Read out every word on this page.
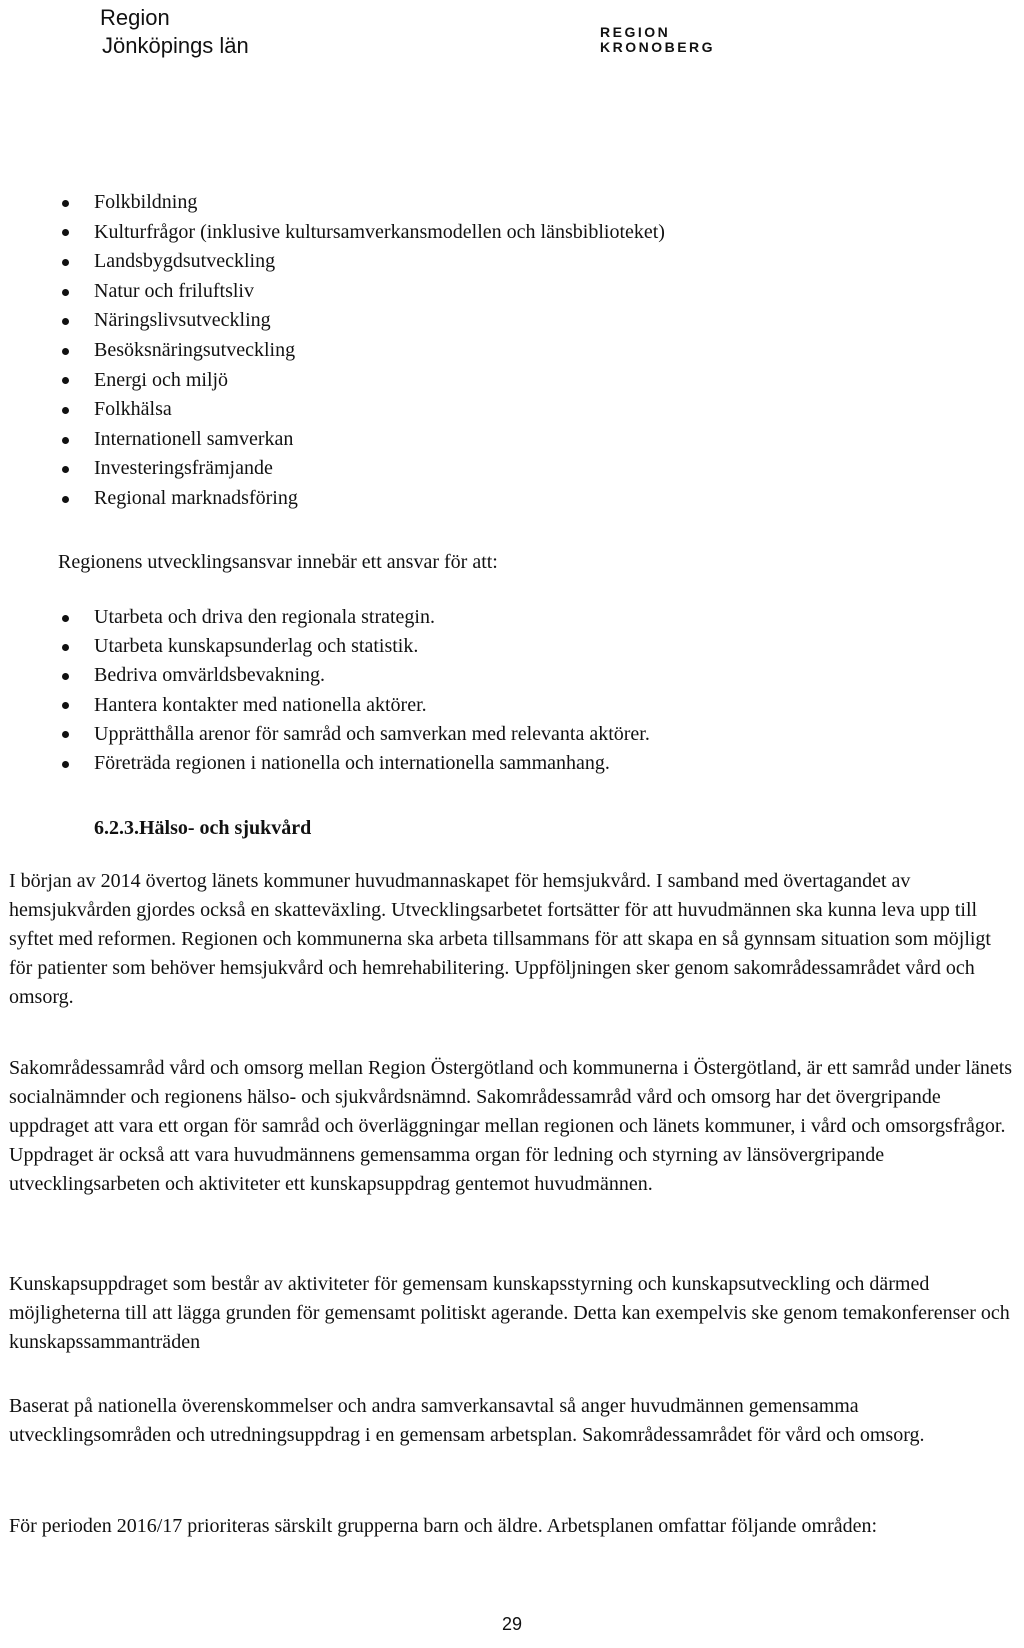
Region
Jönköpings län
REGION
KRONOBERG
Folkbildning
Kulturfrågor (inklusive kultursamverkansmodellen och länsbiblioteket)
Landsbygdsutveckling
Natur och friluftsliv
Näringslivsutveckling
Besöksnäringsutveckling
Energi och miljö
Folkhälsa
Internationell samverkan
Investeringsfrämjande
Regional marknadsföring
Regionens utvecklingsansvar innebär ett ansvar för att:
Utarbeta och driva den regionala strategin.
Utarbeta kunskapsunderlag och statistik.
Bedriva omvärldsbevakning.
Hantera kontakter med nationella aktörer.
Upprätthålla arenor för samråd och samverkan med relevanta aktörer.
Företräda regionen i nationella och internationella sammanhang.
6.2.3.Hälso- och sjukvård

I början av 2014 övertog länets kommuner huvudmannaskapet för hemsjukvård. I samband med övertagandet av hemsjukvården gjordes också en skatteväxling. Utvecklingsarbetet fortsätter för att huvudmännen ska kunna leva upp till syftet med reformen. Regionen och kommunerna ska arbeta tillsammans för att skapa en så gynnsam situation som möjligt för patienter som behöver hemsjukvård och hemrehabilitering. Uppföljningen sker genom sakområdessamrådet vård och omsorg.

Sakområdessamråd vård och omsorg mellan Region Östergötland och kommunerna i Östergötland, är ett samråd under länets socialnämnder och regionens hälso- och sjukvårdsnämnd. Sakområdessamråd vård och omsorg har det övergripande uppdraget att vara ett organ för samråd och överläggningar mellan regionen och länets kommuner, i vård och omsorgsfrågor. Uppdraget är också att vara huvudmännens gemensamma organ för ledning och styrning av länsövergripande utvecklingsarbeten och aktiviteter ett kunskapsuppdrag gentemot huvudmännen.

Kunskapsuppdraget som består av aktiviteter för gemensam kunskapsstyrning och kunskapsutveckling och därmed möjligheterna till att lägga grunden för gemensamt politiskt agerande. Detta kan exempelvis ske genom temakonferenser och kunskapssammanträden

Baserat på nationella överenskommelser och andra samverkansavtal så anger huvudmännen gemensamma utvecklingsområden och utredningsuppdrag i en gemensam arbetsplan. Sakområdessamrådet för vård och omsorg.

För perioden 2016/17 prioriteras särskilt grupperna barn och äldre. Arbetsplanen omfattar följande områden:

29
